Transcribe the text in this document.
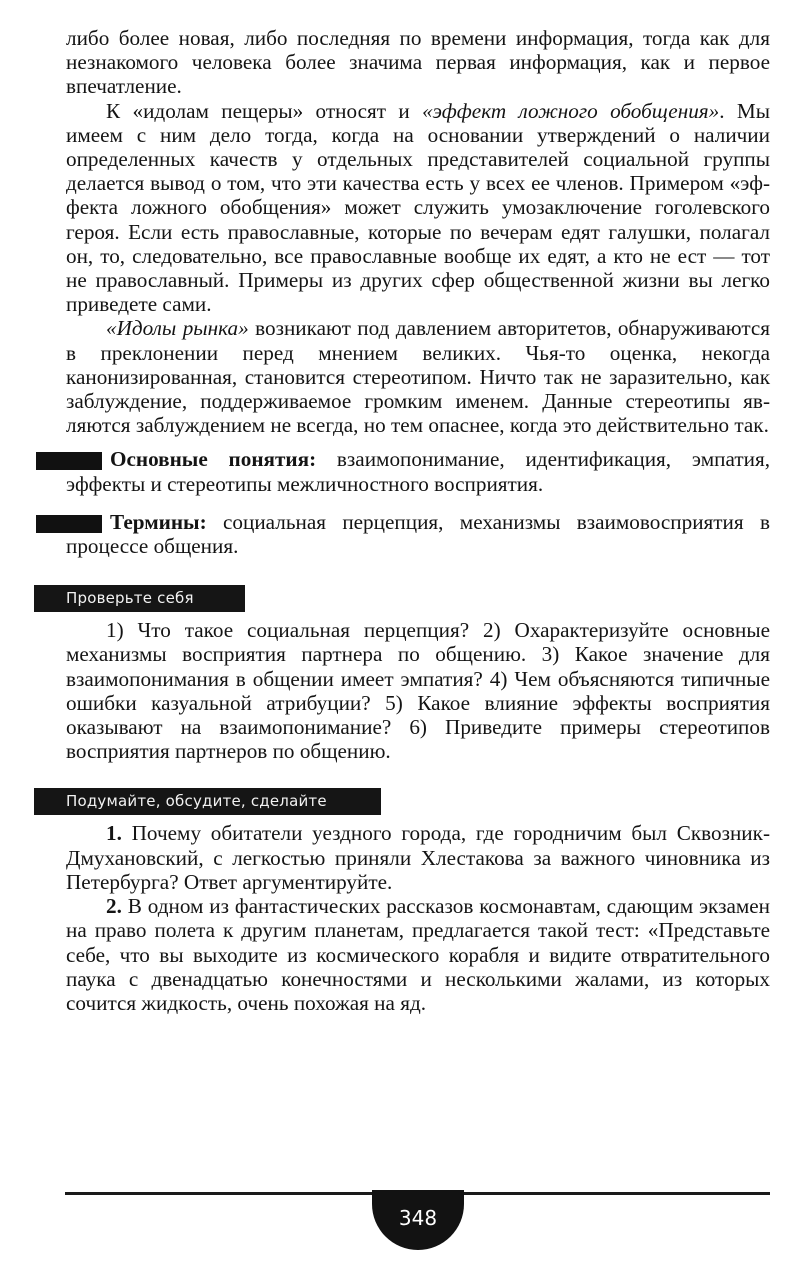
либо более новая, либо последняя по времени информация, тогда как для незнакомого человека более значима первая информация, как и первое впечатление.

К «идолам пещеры» относят и «эффект ложного обобщения». Мы имеем с ним дело тогда, когда на основании утверждений о наличии определенных качеств у отдельных представителей социальной группы делается вывод о том, что эти качества есть у всех ее членов. Примером «эффекта ложного обобщения» может служить умозаключение гоголевского героя. Если есть православные, которые по вечерам едят галушки, полагал он, то, следовательно, все православные вообще их едят, а кто не ест — тот не православный. Примеры из других сфер общественной жизни вы легко приведете сами.

«Идолы рынка» возникают под давлением авторитетов, обнаруживаются в преклонении перед мнением великих. Чья-то оценка, некогда канонизированная, становится стереотипом. Ничто так не заразительно, как заблуждение, поддерживаемое громким именем. Данные стереотипы являются заблуждением не всегда, но тем опаснее, когда это действительно так.

Основные понятия: взаимопонимание, идентификация, эмпатия, эффекты и стереотипы межличностного восприятия.

Термины: социальная перцепция, механизмы взаимовосприятия в процессе общения.

Проверьте себя

1) Что такое социальная перцепция? 2) Охарактеризуйте основные механизмы восприятия партнера по общению. 3) Какое значение для взаимопонимания в общении имеет эмпатия? 4) Чем объясняются типичные ошибки казуальной атрибуции? 5) Какое влияние эффекты восприятия оказывают на взаимопонимание? 6) Приведите примеры стереотипов восприятия партнеров по общению.

Подумайте, обсудите, сделайте

1. Почему обитатели уездного города, где городничим был Сквозник-Дмухановский, с легкостью приняли Хлестакова за важного чиновника из Петербурга? Ответ аргументируйте.

2. В одном из фантастических рассказов космонавтам, сдающим экзамен на право полета к другим планетам, предлагается такой тест: «Представьте себе, что вы выходите из космического корабля и видите отвратительного паука с двенадцатью конечностями и несколькими жалами, из которых сочится жидкость, очень похожая на яд.

348
